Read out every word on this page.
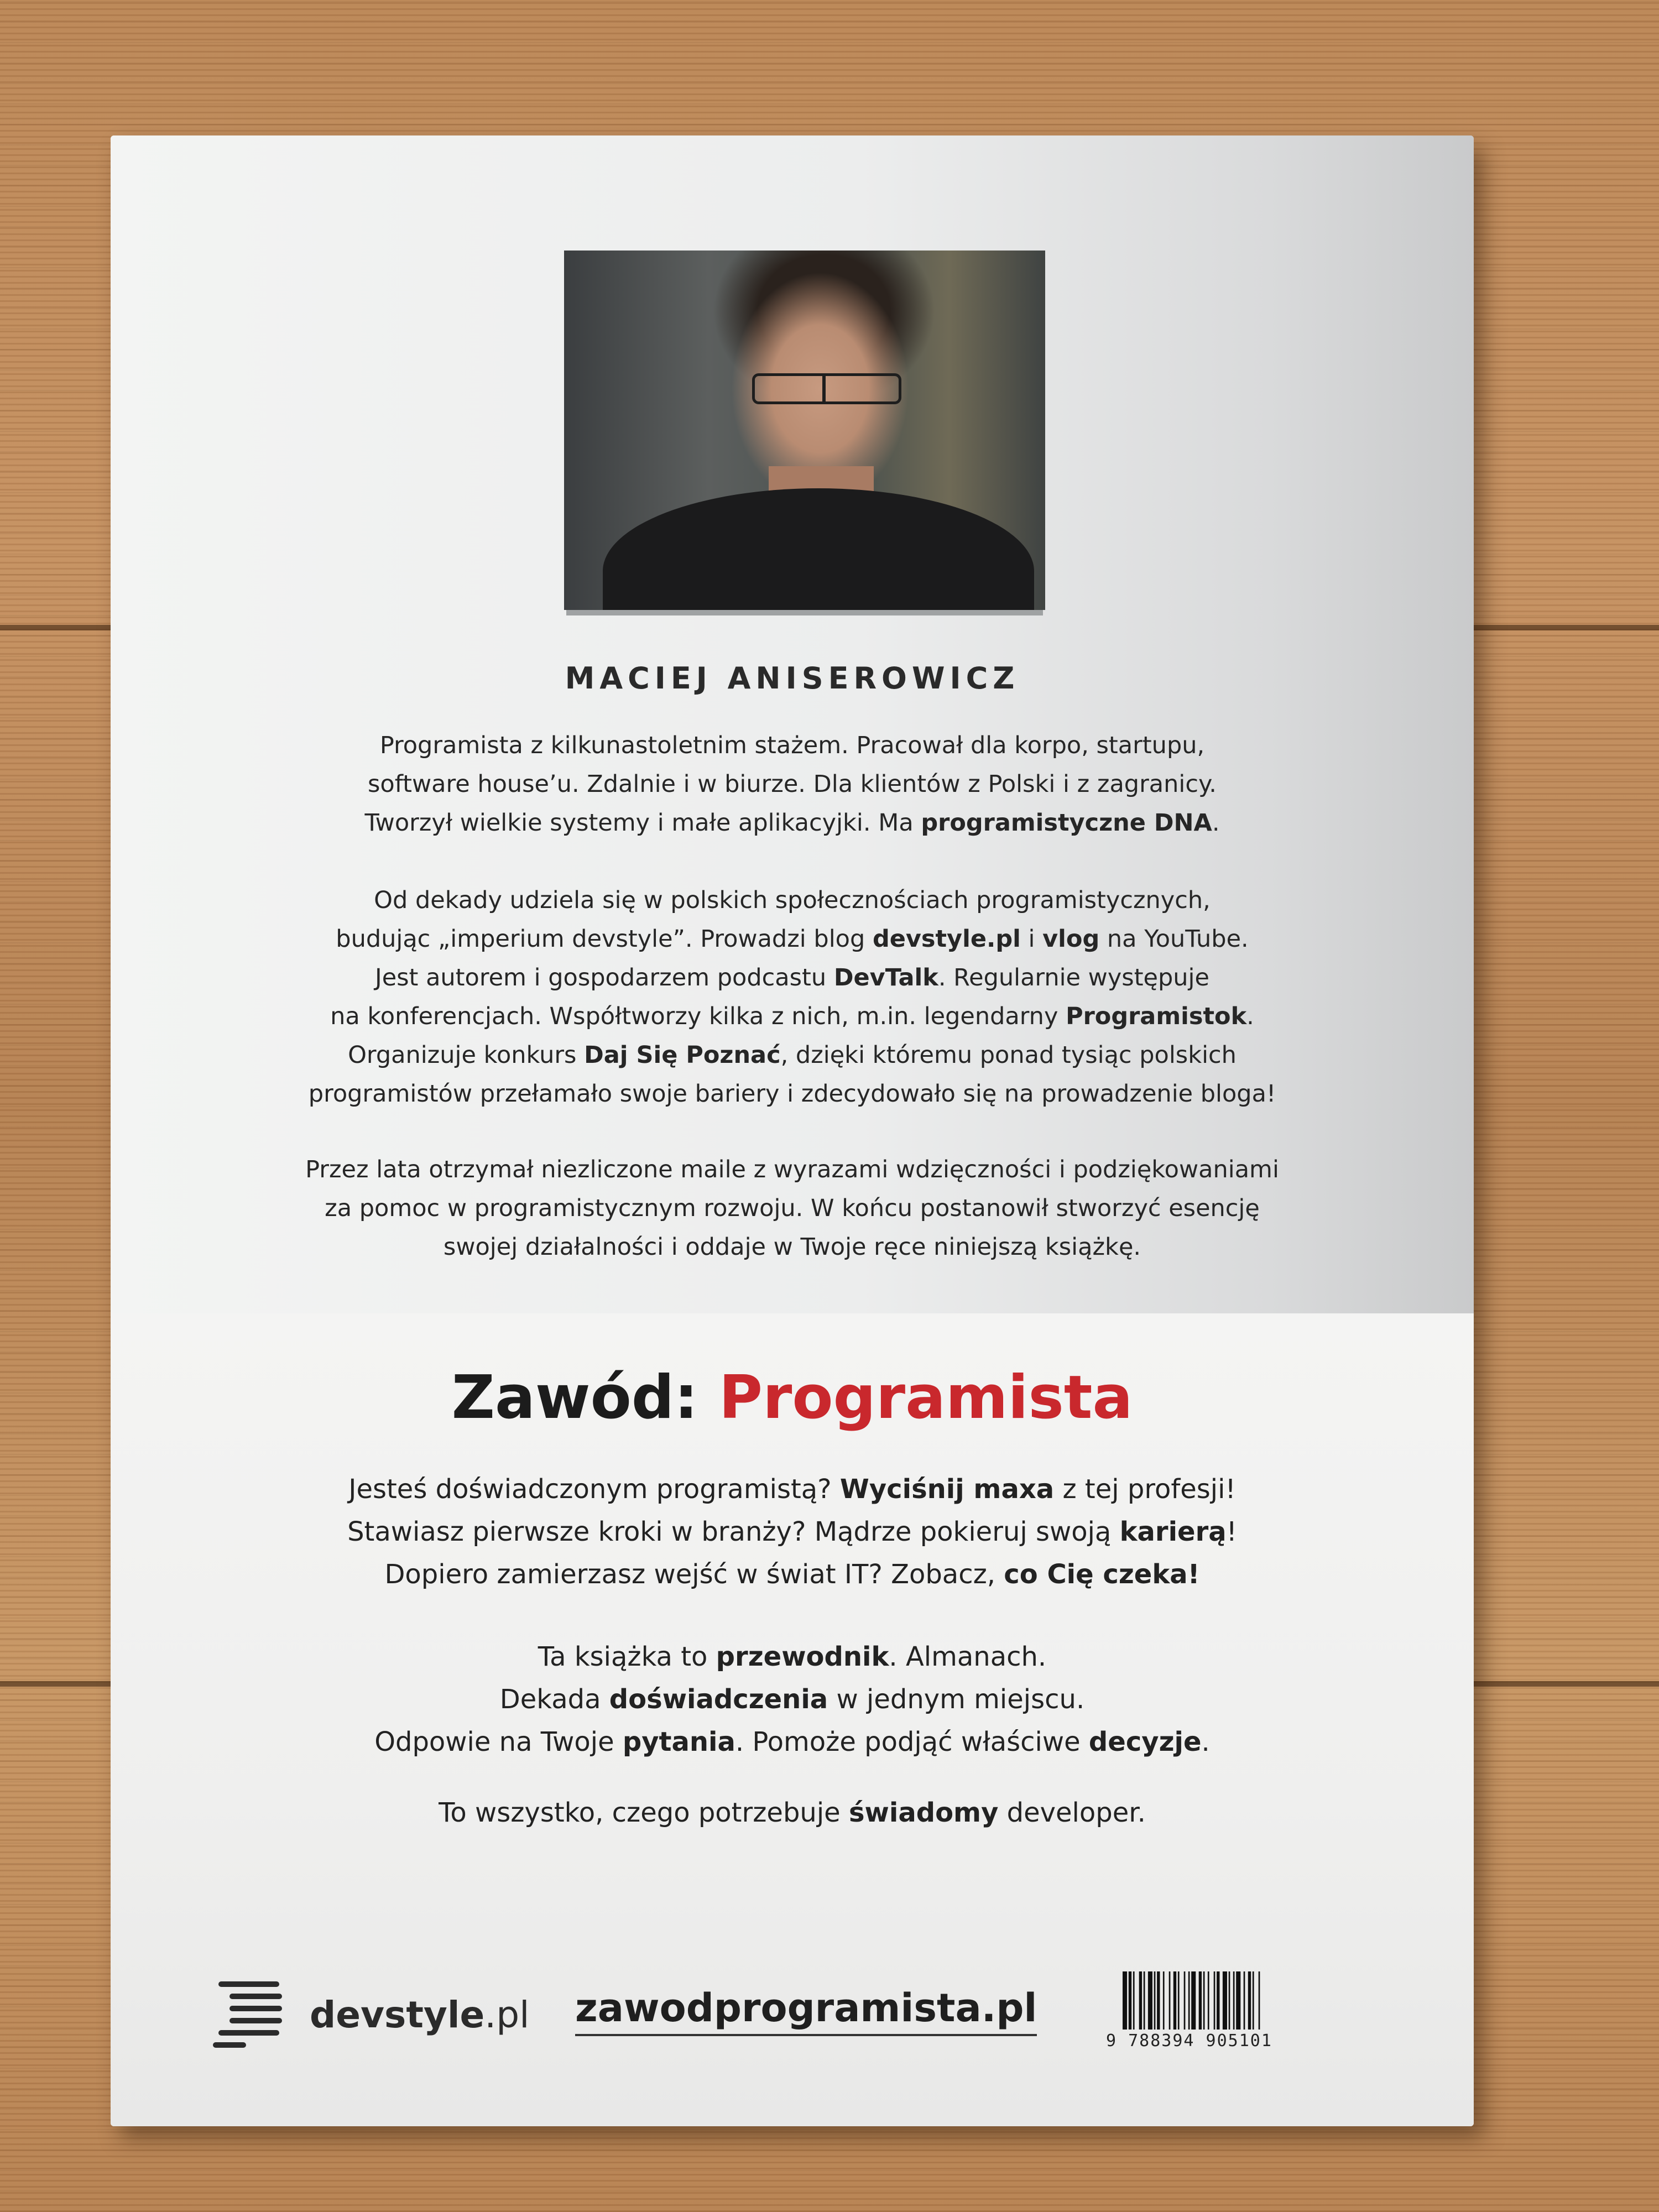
MACIEJ ANISEROWICZ

Programista z kilkunastoletnim stażem. Pracował dla korpo, startupu,

software house’u. Zdalnie i w biurze. Dla klientów z Polski i z zagranicy.

Tworzył wielkie systemy i małe aplikacyjki. Ma programistyczne DNA.

Od dekady udziela się w polskich społecznościach programistycznych,

budując „imperium devstyle”. Prowadzi blog devstyle.pl i vlog na YouTube.

Jest autorem i gospodarzem podcastu DevTalk. Regularnie występuje

na konferencjach. Współtworzy kilka z nich, m.in. legendarny Programistok.

Organizuje konkurs Daj Się Poznać, dzięki któremu ponad tysiąc polskich

programistów przełamało swoje bariery i zdecydowało się na prowadzenie bloga!

Przez lata otrzymał niezliczone maile z wyrazami wdzięczności i podziękowaniami

za pomoc w programistycznym rozwoju. W końcu postanowił stworzyć esencję

swojej działalności i oddaje w Twoje ręce niniejszą książkę.

Zawód: Programista

Jesteś doświadczonym programistą? Wyciśnij maxa z tej profesji!

Stawiasz pierwsze kroki w branży? Mądrze pokieruj swoją karierą!

Dopiero zamierzasz wejść w świat IT? Zobacz, co Cię czeka!

Ta książka to przewodnik. Almanach.

Dekada doświadczenia w jednym miejscu.

Odpowie na Twoje pytania. Pomoże podjąć właściwe decyzje.

To wszystko, czego potrzebuje świadomy developer.

devstyle.pl zawodprogramista.pl
9 788394 905101
